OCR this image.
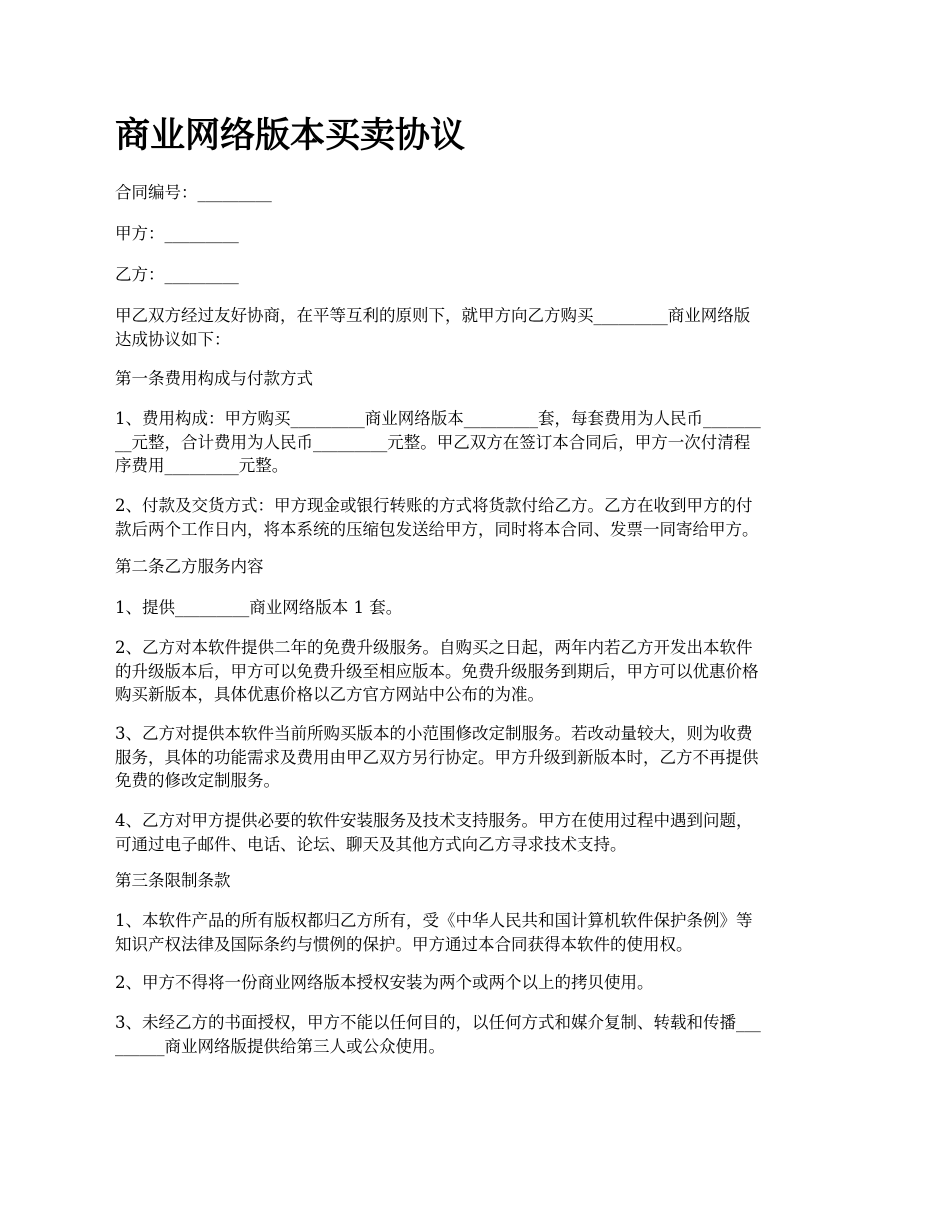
商业网络版本买卖协议

合同编号：_________

甲方：_________

乙方：_________

甲乙双方经过友好协商，在平等互利的原则下，就甲方向乙方购买_________商业网络版
达成协议如下：

第一条费用构成与付款方式

1、费用构成：甲方购买_________商业网络版本_________套，每套费用为人民币_______
__元整，合计费用为人民币_________元整。甲乙双方在签订本合同后，甲方一次付清程
序费用_________元整。

2、付款及交货方式：甲方现金或银行转账的方式将货款付给乙方。乙方在收到甲方的付
款后两个工作日内，将本系统的压缩包发送给甲方，同时将本合同、发票一同寄给甲方。

第二条乙方服务内容

1、提供_________商业网络版本 1 套。

2、乙方对本软件提供二年的免费升级服务。自购买之日起，两年内若乙方开发出本软件
的升级版本后，甲方可以免费升级至相应版本。免费升级服务到期后，甲方可以优惠价格
购买新版本，具体优惠价格以乙方官方网站中公布的为准。

3、乙方对提供本软件当前所购买版本的小范围修改定制服务。若改动量较大，则为收费
服务，具体的功能需求及费用由甲乙双方另行协定。甲方升级到新版本时，乙方不再提供
免费的修改定制服务。

4、乙方对甲方提供必要的软件安装服务及技术支持服务。甲方在使用过程中遇到问题，
可通过电子邮件、电话、论坛、聊天及其他方式向乙方寻求技术支持。

第三条限制条款

1、本软件产品的所有版权都归乙方所有，受《中华人民共和国计算机软件保护条例》等
知识产权法律及国际条约与惯例的保护。甲方通过本合同获得本软件的使用权。

2、甲方不得将一份商业网络版本授权安装为两个或两个以上的拷贝使用。

3、未经乙方的书面授权，甲方不能以任何目的，以任何方式和媒介复制、转载和传播___
______商业网络版提供给第三人或公众使用。
